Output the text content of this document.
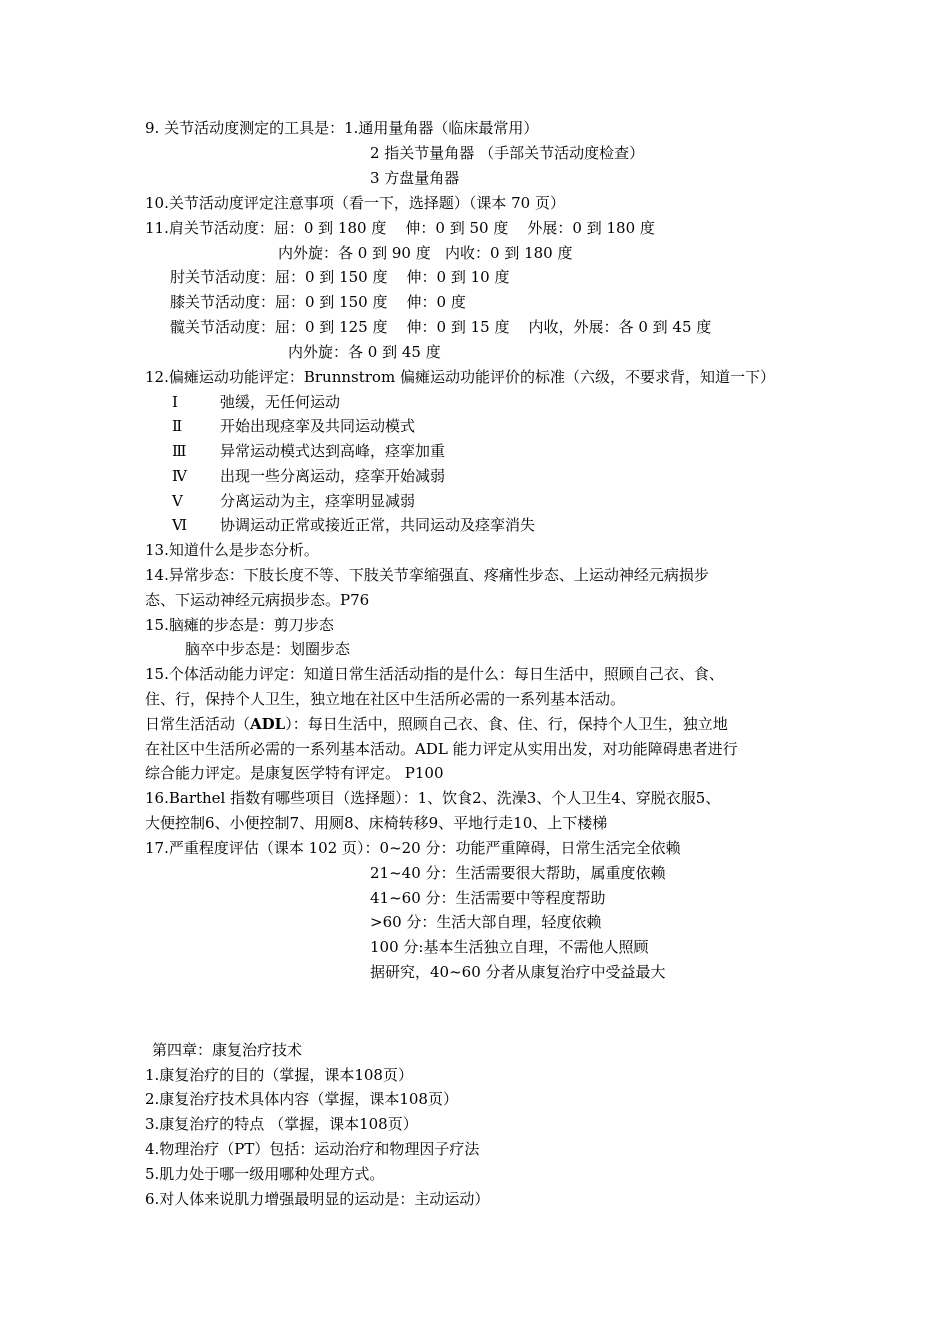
9. 关节活动度测定的工具是：1.通用量角器（临床最常用）
2 指关节量角器 （手部关节活动度检查）
3 方盘量角器
10.关节活动度评定注意事项（看一下，选择题）（课本 70 页）
11.肩关节活动度：屈：0 到 180 度    伸：0 到 50 度    外展：0 到 180 度
内外旋：各 0 到 90 度   内收：0 到 180 度
肘关节活动度：屈：0 到 150 度    伸：0 到 10 度
膝关节活动度：屈：0 到 150 度    伸：0 度
髋关节活动度：屈：0 到 125 度    伸：0 到 15 度    内收，外展：各 0 到 45 度
内外旋：各 0 到 45 度
12.偏瘫运动功能评定：Brunnstrom 偏瘫运动功能评价的标准（六级，不要求背，知道一下）
Ⅰ	弛缓，无任何运动
Ⅱ	开始出现痉挛及共同运动模式
Ⅲ 异常运动模式达到高峰，痉挛加重
Ⅳ 出现一些分离运动，痉挛开始减弱
Ⅴ 分离运动为主，痉挛明显减弱
Ⅵ 协调运动正常或接近正常，共同运动及痉挛消失
13.知道什么是步态分析。
14.异常步态：下肢长度不等、下肢关节挛缩强直、疼痛性步态、上运动神经元病损步
态、下运动神经元病损步态。P76
15.脑瘫的步态是：剪刀步态
脑卒中步态是：划圈步态
15.个体活动能力评定：知道日常生活活动指的是什么：每日生活中，照顾自己衣、食、
住、行，保持个人卫生，独立地在社区中生活所必需的一系列基本活动。
日常生活活动（ADL）：每日生活中，照顾自己衣、食、住、行，保持个人卫生，独立地
在社区中生活所必需的一系列基本活动。ADL 能力评定从实用出发，对功能障碍患者进行
综合能力评定。是康复医学特有评定。 P100
16.Barthel 指数有哪些项目（选择题）：1、饮食2、洗澡3、个人卫生4、穿脱衣服5、
大便控制6、小便控制7、用厕8、床椅转移9、平地行走10、上下楼梯
17.严重程度评估（课本 102 页）：0~20 分：功能严重障碍，日常生活完全依赖
21~40 分：生活需要很大帮助，属重度依赖
41~60 分：生活需要中等程度帮助
>60 分：生活大部自理，轻度依赖
100 分:基本生活独立自理，不需他人照顾
据研究，40~60 分者从康复治疗中受益最大
第四章：康复治疗技术
1.康复治疗的目的（掌握，课本108页）
2.康复治疗技术具体内容（掌握，课本108页）
3.康复治疗的特点 （掌握，课本108页）
4.物理治疗（PT）包括：运动治疗和物理因子疗法
5.肌力处于哪一级用哪种处理方式。
6.对人体来说肌力增强最明显的运动是：主动运动）
